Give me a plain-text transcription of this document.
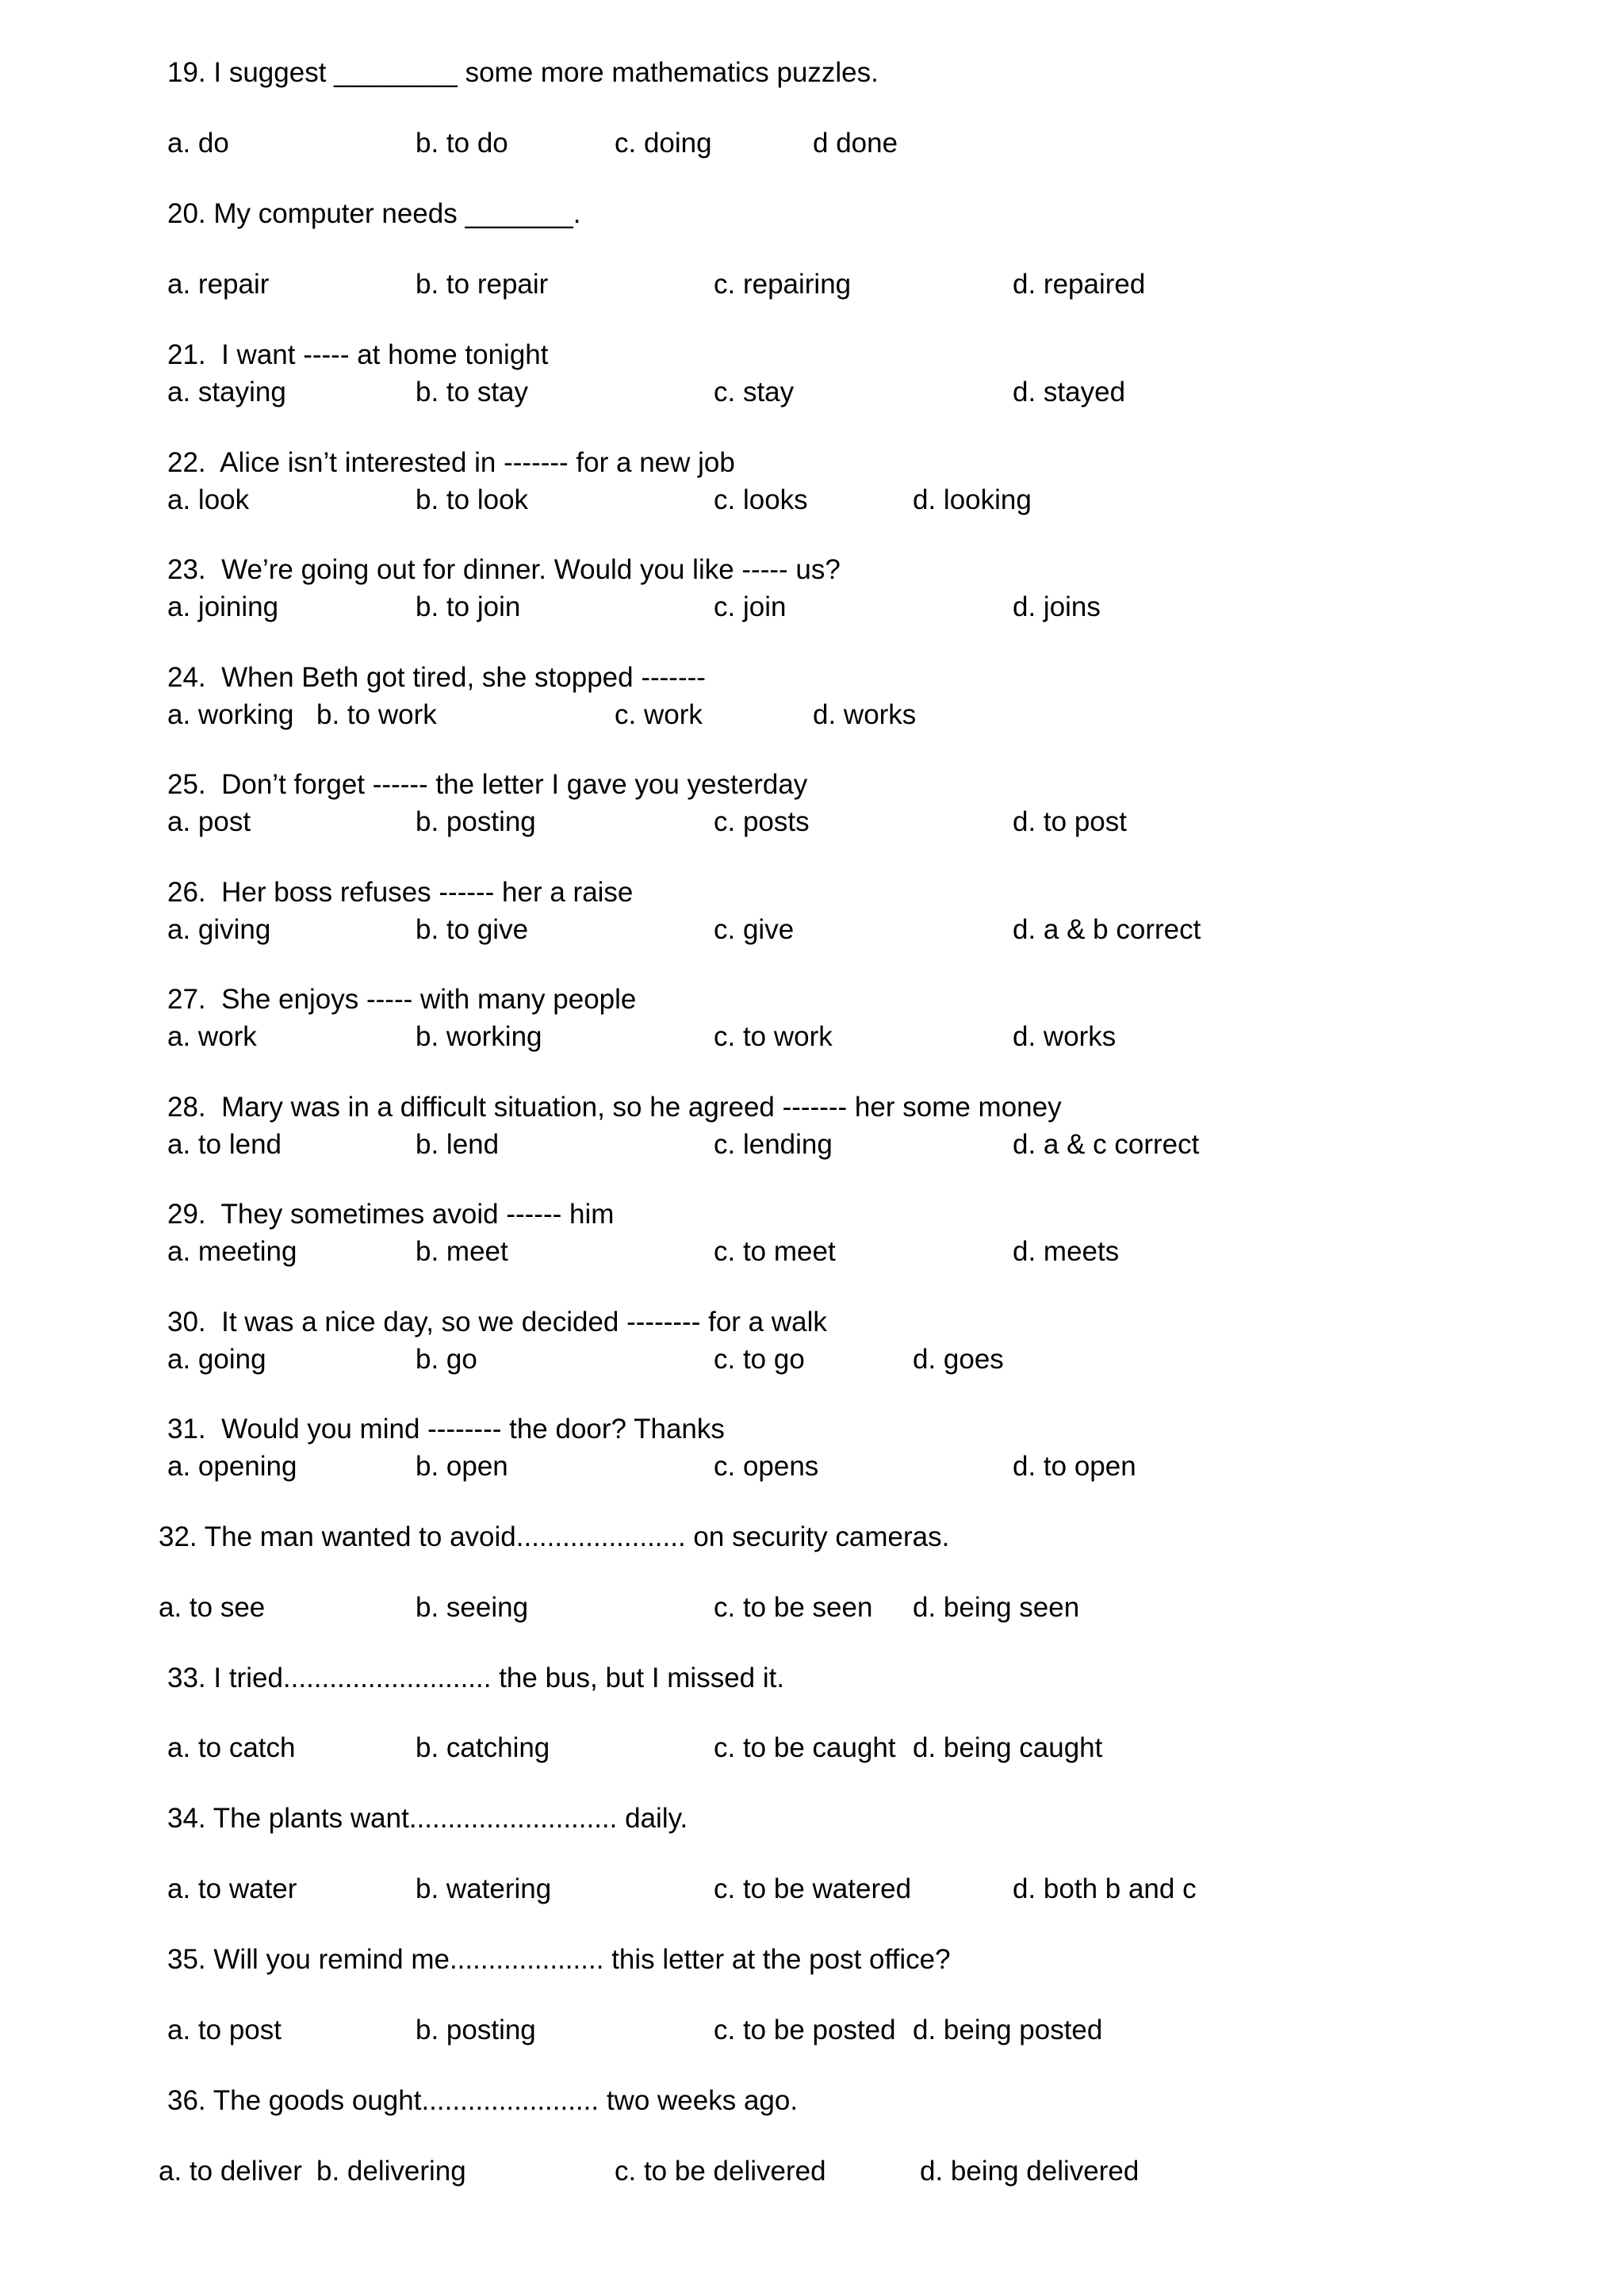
19. I suggest ________ some more mathematics puzzles.
a. do	b. to do	c. doing	d done
20. My computer needs _______.
a. repair	b. to repair	c. repairing	d. repaired
21.  I want ----- at home tonight
a. staying	b. to stay	c. stay	d. stayed
22.  Alice isn’t interested in ------- for a new job
a. look	b. to look	c. looks	d. looking
23.  We’re going out for dinner. Would you like ----- us?
a. joining	b. to join	c. join	d. joins
24.  When Beth got tired, she stopped -------
a. working b. to work	c. work	d. works
25.  Don’t forget ------ the letter I gave you yesterday
a. post	b. posting	c. posts	d. to post
26.  Her boss refuses ------ her a raise
a. giving	b. to give	c. give	d. a & b correct
27.  She enjoys ----- with many people
a. work	b. working	c. to work	d. works
28.  Mary was in a difficult situation, so he agreed ------- her some money
a. to lend	b. lend	c. lending	d. a & c correct
29.  They sometimes avoid ------ him
a. meeting	b. meet	c. to meet	d. meets
30.  It was a nice day, so we decided -------- for a walk
a. going	b. go	c. to go	d. goes
31.  Would you mind -------- the door? Thanks
a. opening	b. open	c. opens	d. to open
32. The man wanted to avoid...................... on security cameras.
a. to see	b. seeing	c. to be seen d. being seen
33. I tried........................... the bus, but I missed it.
a. to catch	b. catching	c. to be caught d. being caught
34. The plants want........................... daily.
a. to water	b. watering	c. to be watered	d. both b and c
35. Will you remind me.................... this letter at the post office?
a. to post	b. posting	c. to be posted d. being posted
36. The goods ought....................... two weeks ago.
a. to deliver b. delivering	c. to be delivered	d. being delivered
